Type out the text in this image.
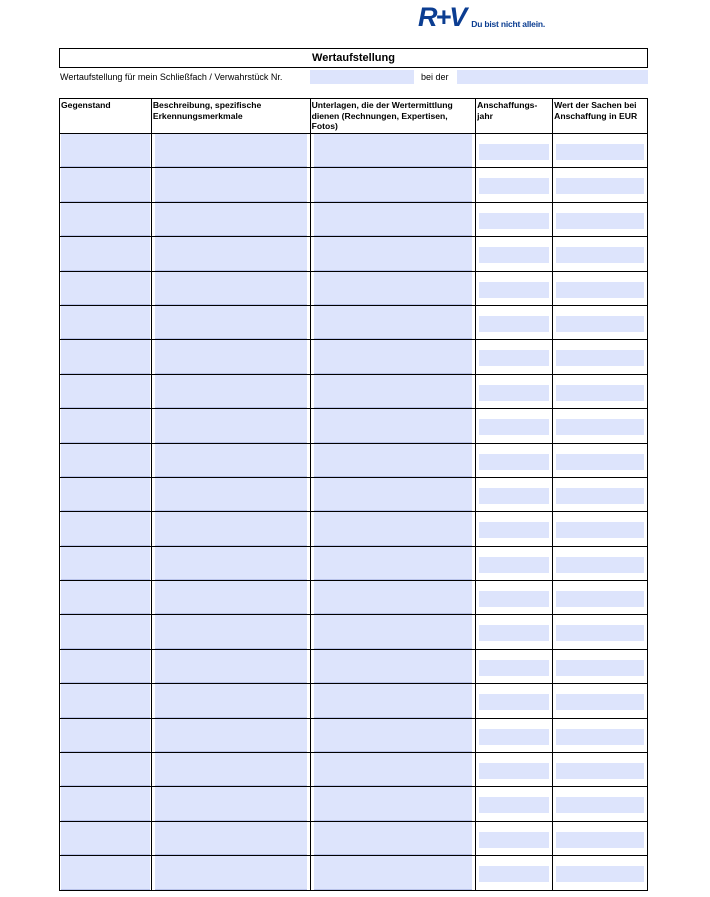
R+V Du bist nicht allein.
Wertaufstellung
Wertaufstellung für mein Schließfach / Verwahrstück Nr.	bei der
Gegenstand	Beschreibung, spezifische Erkennungsmerkmale	Unterlagen, die der Wertermittlung dienen (Rechnungen, Expertisen, Fotos)	Anschaffungs-jahr	Wert der Sachen bei Anschaffung in EUR
